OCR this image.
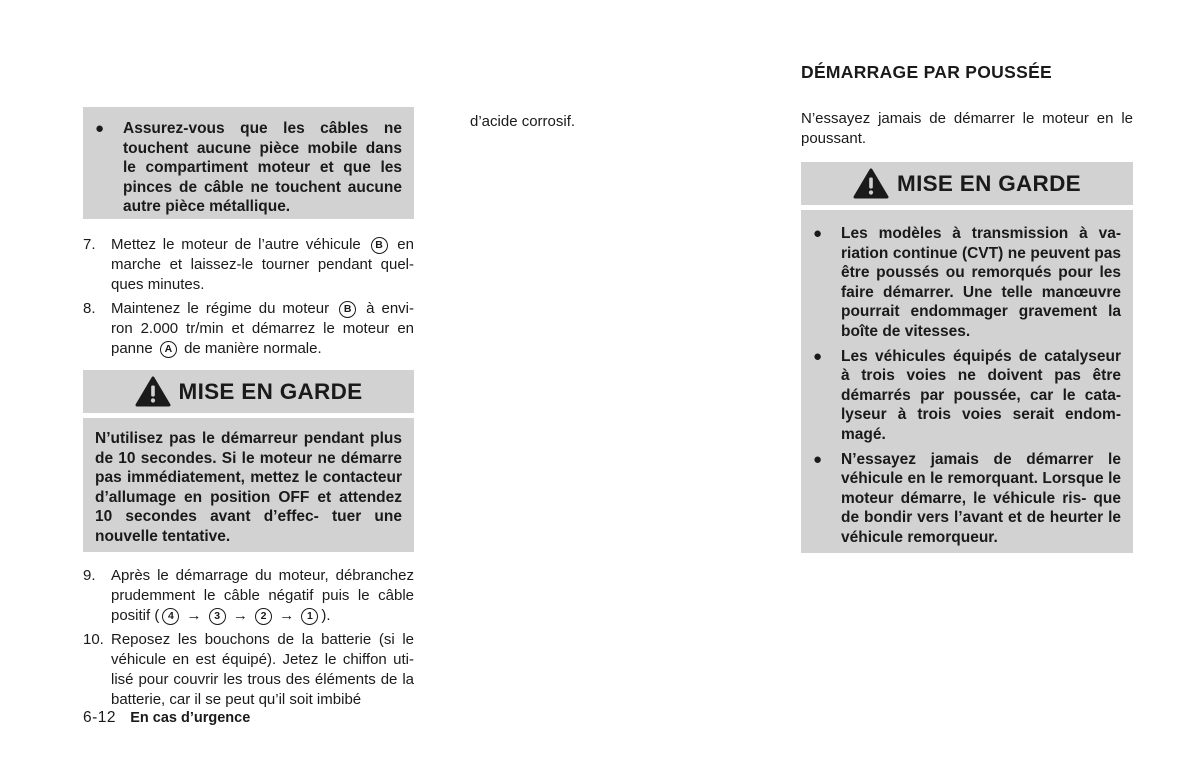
● Assurez-vous que les câbles ne touchent aucune pièce mobile dans le compartiment moteur et que les pinces de câble ne touchent aucune autre pièce métallique.

7. Mettez le moteur de l’autre véhicule B en marche et laissez-le tourner pendant quel- ques minutes.

8. Maintenez le régime du moteur B à envi- ron 2.000 tr/min et démarrez le moteur en panne A de manière normale.

MISE EN GARDE
N’utilisez pas le démarreur pendant plus de 10 secondes. Si le moteur ne démarre pas immédiatement, mettez le contacteur d’allumage en position OFF et attendez 10 secondes avant d’effec- tuer une nouvelle tentative.

9. Après le démarrage du moteur, débranchez prudemment le câble négatif puis le câble positif ( 4 → 3 → 2 → 1 ).

10. Reposez les bouchons de la batterie (si le véhicule en est équipé). Jetez le chiffon uti- lisé pour couvrir les trous des éléments de la batterie, car il se peut qu’il soit imbibé

d’acide corrosif.
DÉMARRAGE PAR POUSSÉE

N’essayez jamais de démarrer le moteur en le poussant.

MISE EN GARDE
● Les modèles à transmission à va- riation continue (CVT) ne peuvent pas être poussés ou remorqués pour les faire démarrer. Une telle manœuvre pourrait endommager gravement la boîte de vitesses.
● Les véhicules équipés de catalyseur à trois voies ne doivent pas être démarrés par poussée, car le cata- lyseur à trois voies serait endom- magé.
● N’essayez jamais de démarrer le véhicule en le remorquant. Lorsque le moteur démarre, le véhicule ris- que de bondir vers l’avant et de heurter le véhicule remorqueur.
6-12 En cas d’urgence
